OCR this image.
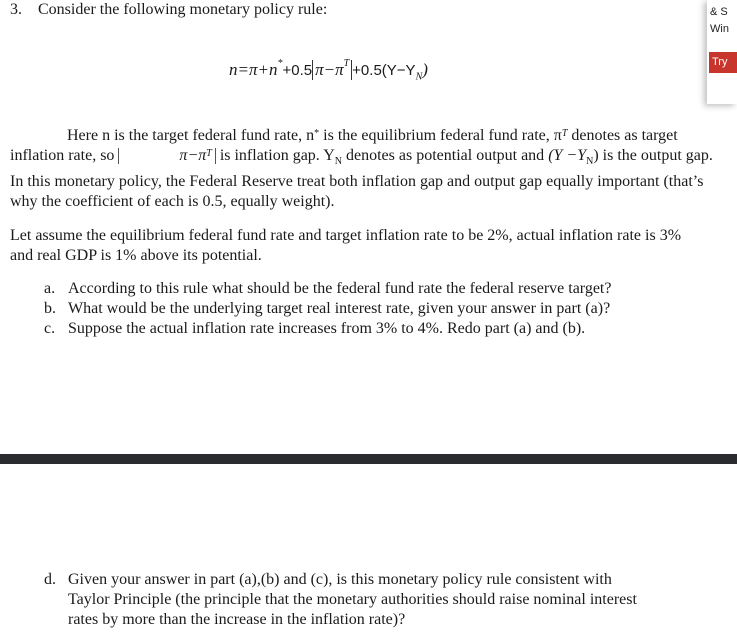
& S
Win
Try
3. Consider the following monetary policy rule:
n=π+n*+0.5 $\pi-\pi^T +0.5(Y-Y_N)$

Here n is the target federal fund rate, n* is the equilibrium federal fund rate, $\pi^T$ denotes as target inflation rate, so	$\pi-\pi^T$ is inflation gap. $Y_N$ denotes as potential output and $(Y -Y_N)$ is the output gap. In this monetary policy, the Federal Reserve treat both inflation gap and output gap equally important (that’s why the coefficient of each is 0.5, equally weight).

Let assume the equilibrium federal fund rate and target inflation rate to be 2%, actual inflation rate is 3% and real GDP is 1% above its potential.

a. According to this rule what should be the federal fund rate the federal reserve target?
b. What would be the underlying target real interest rate, given your answer in part (a)?
c. Suppose the actual inflation rate increases from 3% to 4%. Redo part (a) and (b).
d. Given your answer in part (a),(b) and (c), is this monetary policy rule consistent with
Taylor Principle (the principle that the monetary authorities should raise nominal interest
rates by more than the increase in the inflation rate)?
